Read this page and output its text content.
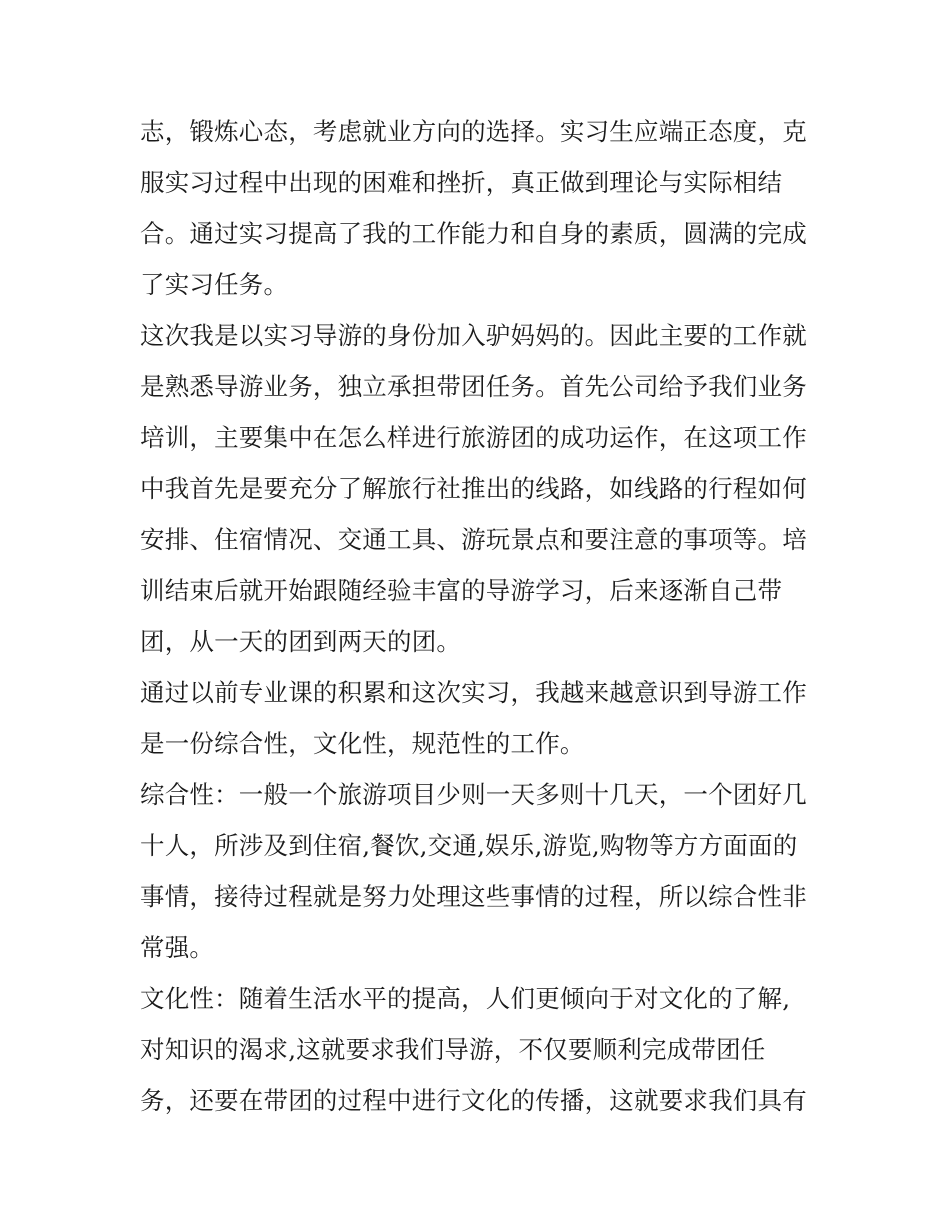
志，锻炼心态，考虑就业方向的选择。实习生应端正态度，克
服实习过程中出现的困难和挫折，真正做到理论与实际相结
合。通过实习提高了我的工作能力和自身的素质，圆满的完成
了实习任务。
这次我是以实习导游的身份加入驴妈妈的。因此主要的工作就
是熟悉导游业务，独立承担带团任务。首先公司给予我们业务
培训，主要集中在怎么样进行旅游团的成功运作，在这项工作
中我首先是要充分了解旅行社推出的线路，如线路的行程如何
安排、住宿情况、交通工具、游玩景点和要注意的事项等。培
训结束后就开始跟随经验丰富的导游学习，后来逐渐自己带
团，从一天的团到两天的团。
通过以前专业课的积累和这次实习，我越来越意识到导游工作
是一份综合性，文化性，规范性的工作。
综合性：一般一个旅游项目少则一天多则十几天，一个团好几
十人，所涉及到住宿,餐饮,交通,娱乐,游览,购物等方方面面的
事情，接待过程就是努力处理这些事情的过程，所以综合性非
常强。
文化性：随着生活水平的提高，人们更倾向于对文化的了解,
对知识的渴求,这就要求我们导游，不仅要顺利完成带团任
务，还要在带团的过程中进行文化的传播，这就要求我们具有
